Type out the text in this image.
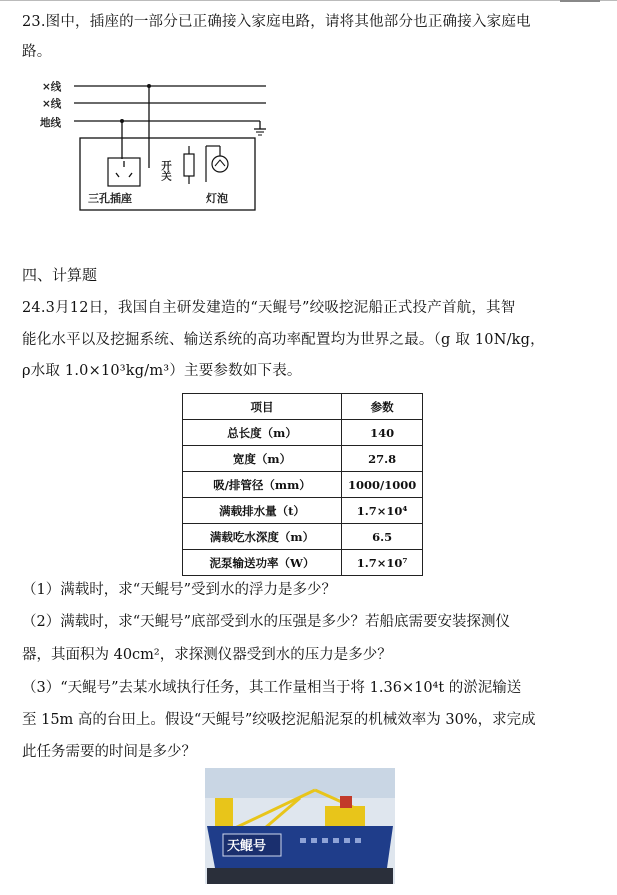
23.图中，插座的一部分已正确接入家庭电路，请将其他部分也正确接入家庭电
路。
×线
×线
地线
三孔插座
开关
灯泡
四、计算题
24.3月12日，我国自主研发建造的“天鲲号”绞吸挖泥船正式投产首航，其智
能化水平以及挖掘系统、输送系统的高功率配置均为世界之最。（g 取 10N/kg，
ρ水取 1.0×10³kg/m³）主要参数如下表。
项目	参数
总长度（m）	140
宽度（m）	27.8
吸/排管径（mm）	1000/1000
满载排水量（t）	1.7×10⁴
满载吃水深度（m）	6.5
泥泵输送功率（W）	1.7×10⁷
（1）满载时，求“天鲲号”受到水的浮力是多少？
（2）满载时，求“天鲲号”底部受到水的压强是多少？若船底需要安装探测仪
器，其面积为 40cm²，求探测仪器受到水的压力是多少？
（3）“天鲲号”去某水域执行任务，其工作量相当于将 1.36×10⁴t 的淤泥输送
至 15m 高的台田上。假设“天鲲号”绞吸挖泥船泥泵的机械效率为 30%，求完成
此任务需要的时间是多少？
天鲲号
